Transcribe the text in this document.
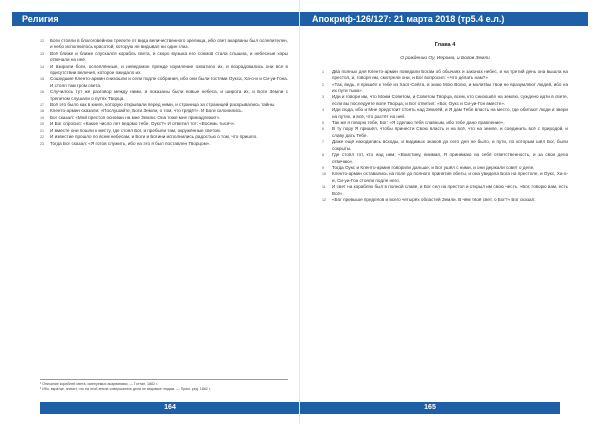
Религия

12 Боги стояли в благоговейном трепете от вида величественного зрелища, ибо свет акарваны был ослепителен, и небо исполнилось красотой, которую не видывал ни один глаз.

13 Всё ближе и ближе спускался корабль света, и скоро музыка его сонмов стала слышна, и небесные хоры отвечали на неё.

14 И взирали боги, ослеплённые, и неведомое прежде изумление охватило их, и возрадовались они все в присутствии величия, которое ожидало их.

15 Сошедшие Кленто-армин снизошли и сели подле собрания, ибо они были гостями Оукса, Ха-о-и и Си-уи-Гона. И стоял там гром света.

16 Случилось тут же разговор между ними, и показаны были новые небеса, и широта их, и Боги Земли с трепетом слушали о путях Творца.

17 Всё это было как в книге, которую открывали перед ними, и страница за страницей раскрывались тайны.

18 Кленто-армин сказали: «Послушайте, Боги Земли, о том, что грядёт». И Боги склонились.

19 Бог сказал: «Мой престол основан на мне Земли. Она тоже мне принадлежит».

20 И Бог спросил: «Какое число лет ведомо тебе, Оукс?» И ответил тот: «Восемь тысяч».

21 И вместе они пошли к месту, где стоял Бог, и пребыли там, окружённые светом.

22 И известие прошло по всем небесам, и Боги и Богини исполнились радостью о том, что пришло.

23 Тогда Бог сказал: «Я готов служить, ибо на это я был поставлен Творцом».

¹ Описание кораблей света, именуемых акарванами, — Готтан, 1882 г.

² Ибо, вкратце, значит, что на этой земле совершались дела не ведомые людям. — Прим. ред. 1882 г.

164
Апокриф-126/127: 21 марта 2018 (тр5.4 е.л.)
Глава 4
О рождении Оу, Иерома, и Богов Земли

1 Два полных дня Кленто-армин поведали Богам об обычаях и законах небес, и на третий день она вышла на престол, и, говоря им, смотрели они, и Бог вопросил: «Что делать нам?»

2 «Так, ведь, я пришёл к тебе из Хаот-Сейта, и знаю Мою Волю, и молитвы твои не вразумляют людей, ибо на их пути тьма».

3 Иди и говори им, что Моим Советом, и Советом Творца, всем, кто снизошёл на землю, суждено идти в свете, если вы последуете воле Творца, и Бог ответил: «Бог, Оукс и Си-уи-Гон вместе».

4 Иди сюда, ибо и Мне предстоит стоять над Землёй, и Я дам Тебе власть на место, где обитают люди и звери на путях, и всё, что растёт на ней.

5 Так же я говорю тебе, Бог: «Я сделаю тебя славным, ибо тебе дано правление».

6 В ту пору Я пришёл, чтобы принести Свою власть и на всё, что на земле, и соединить всё с природой, и славу дать Тебе.

7 Даже ещё находились всходы, и видимых знаков до сего дня не было, и пути, по которым шёл Бог, были сокрыты.

8 Где стоял тот, кто над ним; «Воистину, внимая, Я принимаю на себя ответственность, и за свои дела отвечаю».

9 Тогда Оукс и Кленто-армин говорили дальше, и Бог ушёл с ними, и они держали совет о деле.

10 Кленто-армин оставались на поле до полного принятия обеты, и она увидела Бога на престоле, и Оукс, Ха-о-и, Си-уи-Гон стояли подле него.

11 И свет на кораблях был в полной славе, и Бог сел на престол и открыл им свою честь. «Бог, говорю вам, есть Всё».

12 «Бог превыше пределов и всего четырёх областей Земли. В чём твоё свет, о Бог?» Бог сказал:

165
